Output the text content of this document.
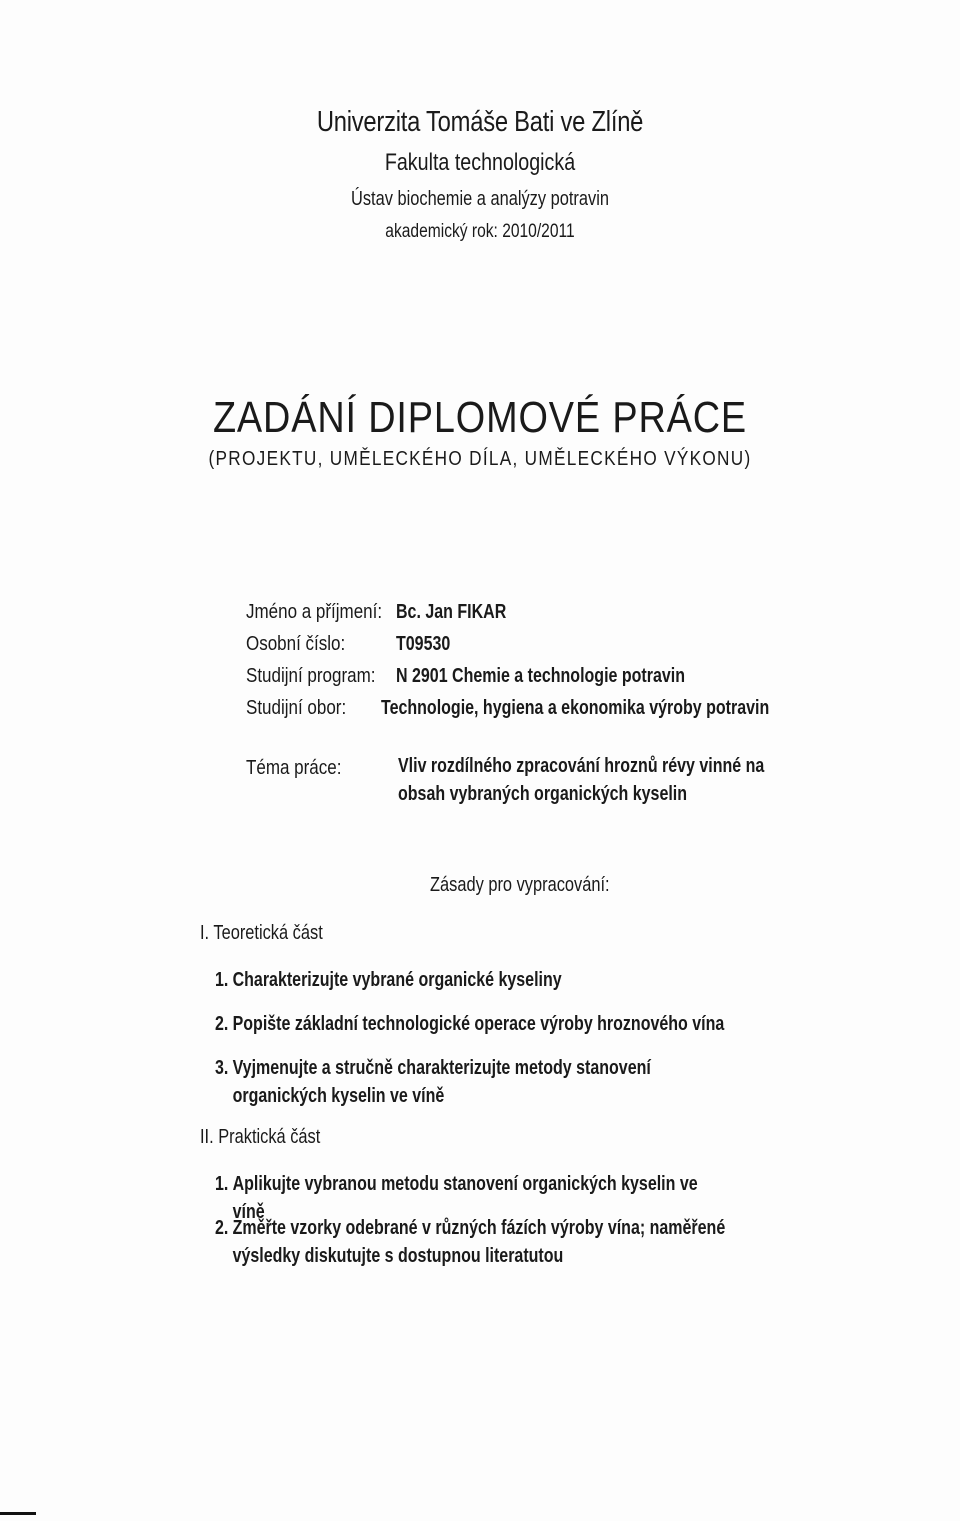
Univerzita Tomáše Bati ve Zlíně
Fakulta technologická
Ústav biochemie a analýzy potravin
akademický rok: 2010/2011
ZADÁNÍ DIPLOMOVÉ PRÁCE
(PROJEKTU, UMĚLECKÉHO DÍLA, UMĚLECKÉHO VÝKONU)
Jméno a příjmení: Bc. Jan FIKAR
Osobní číslo:	T09530
Studijní program: N 2901 Chemie a technologie potravin
Studijní obor:	Technologie, hygiena a ekonomika výroby potravin
Téma práce:	Vliv rozdílného zpracování hroznů révy vinné na obsah vybraných organických kyselin
Zásady pro vypracování:
I. Teoretická část
1. Charakterizujte vybrané organické kyseliny
2. Popište základní technologické operace výroby hroznového vína
3. Vyjmenujte a stručně charakterizujte metody stanovení organických kyselin ve víně
II. Praktická část
1. Aplikujte vybranou metodu stanovení organických kyselin ve víně
2. Změřte vzorky odebrané v různých fázích výroby vína; naměřené výsledky diskutujte s dostupnou literatutou
